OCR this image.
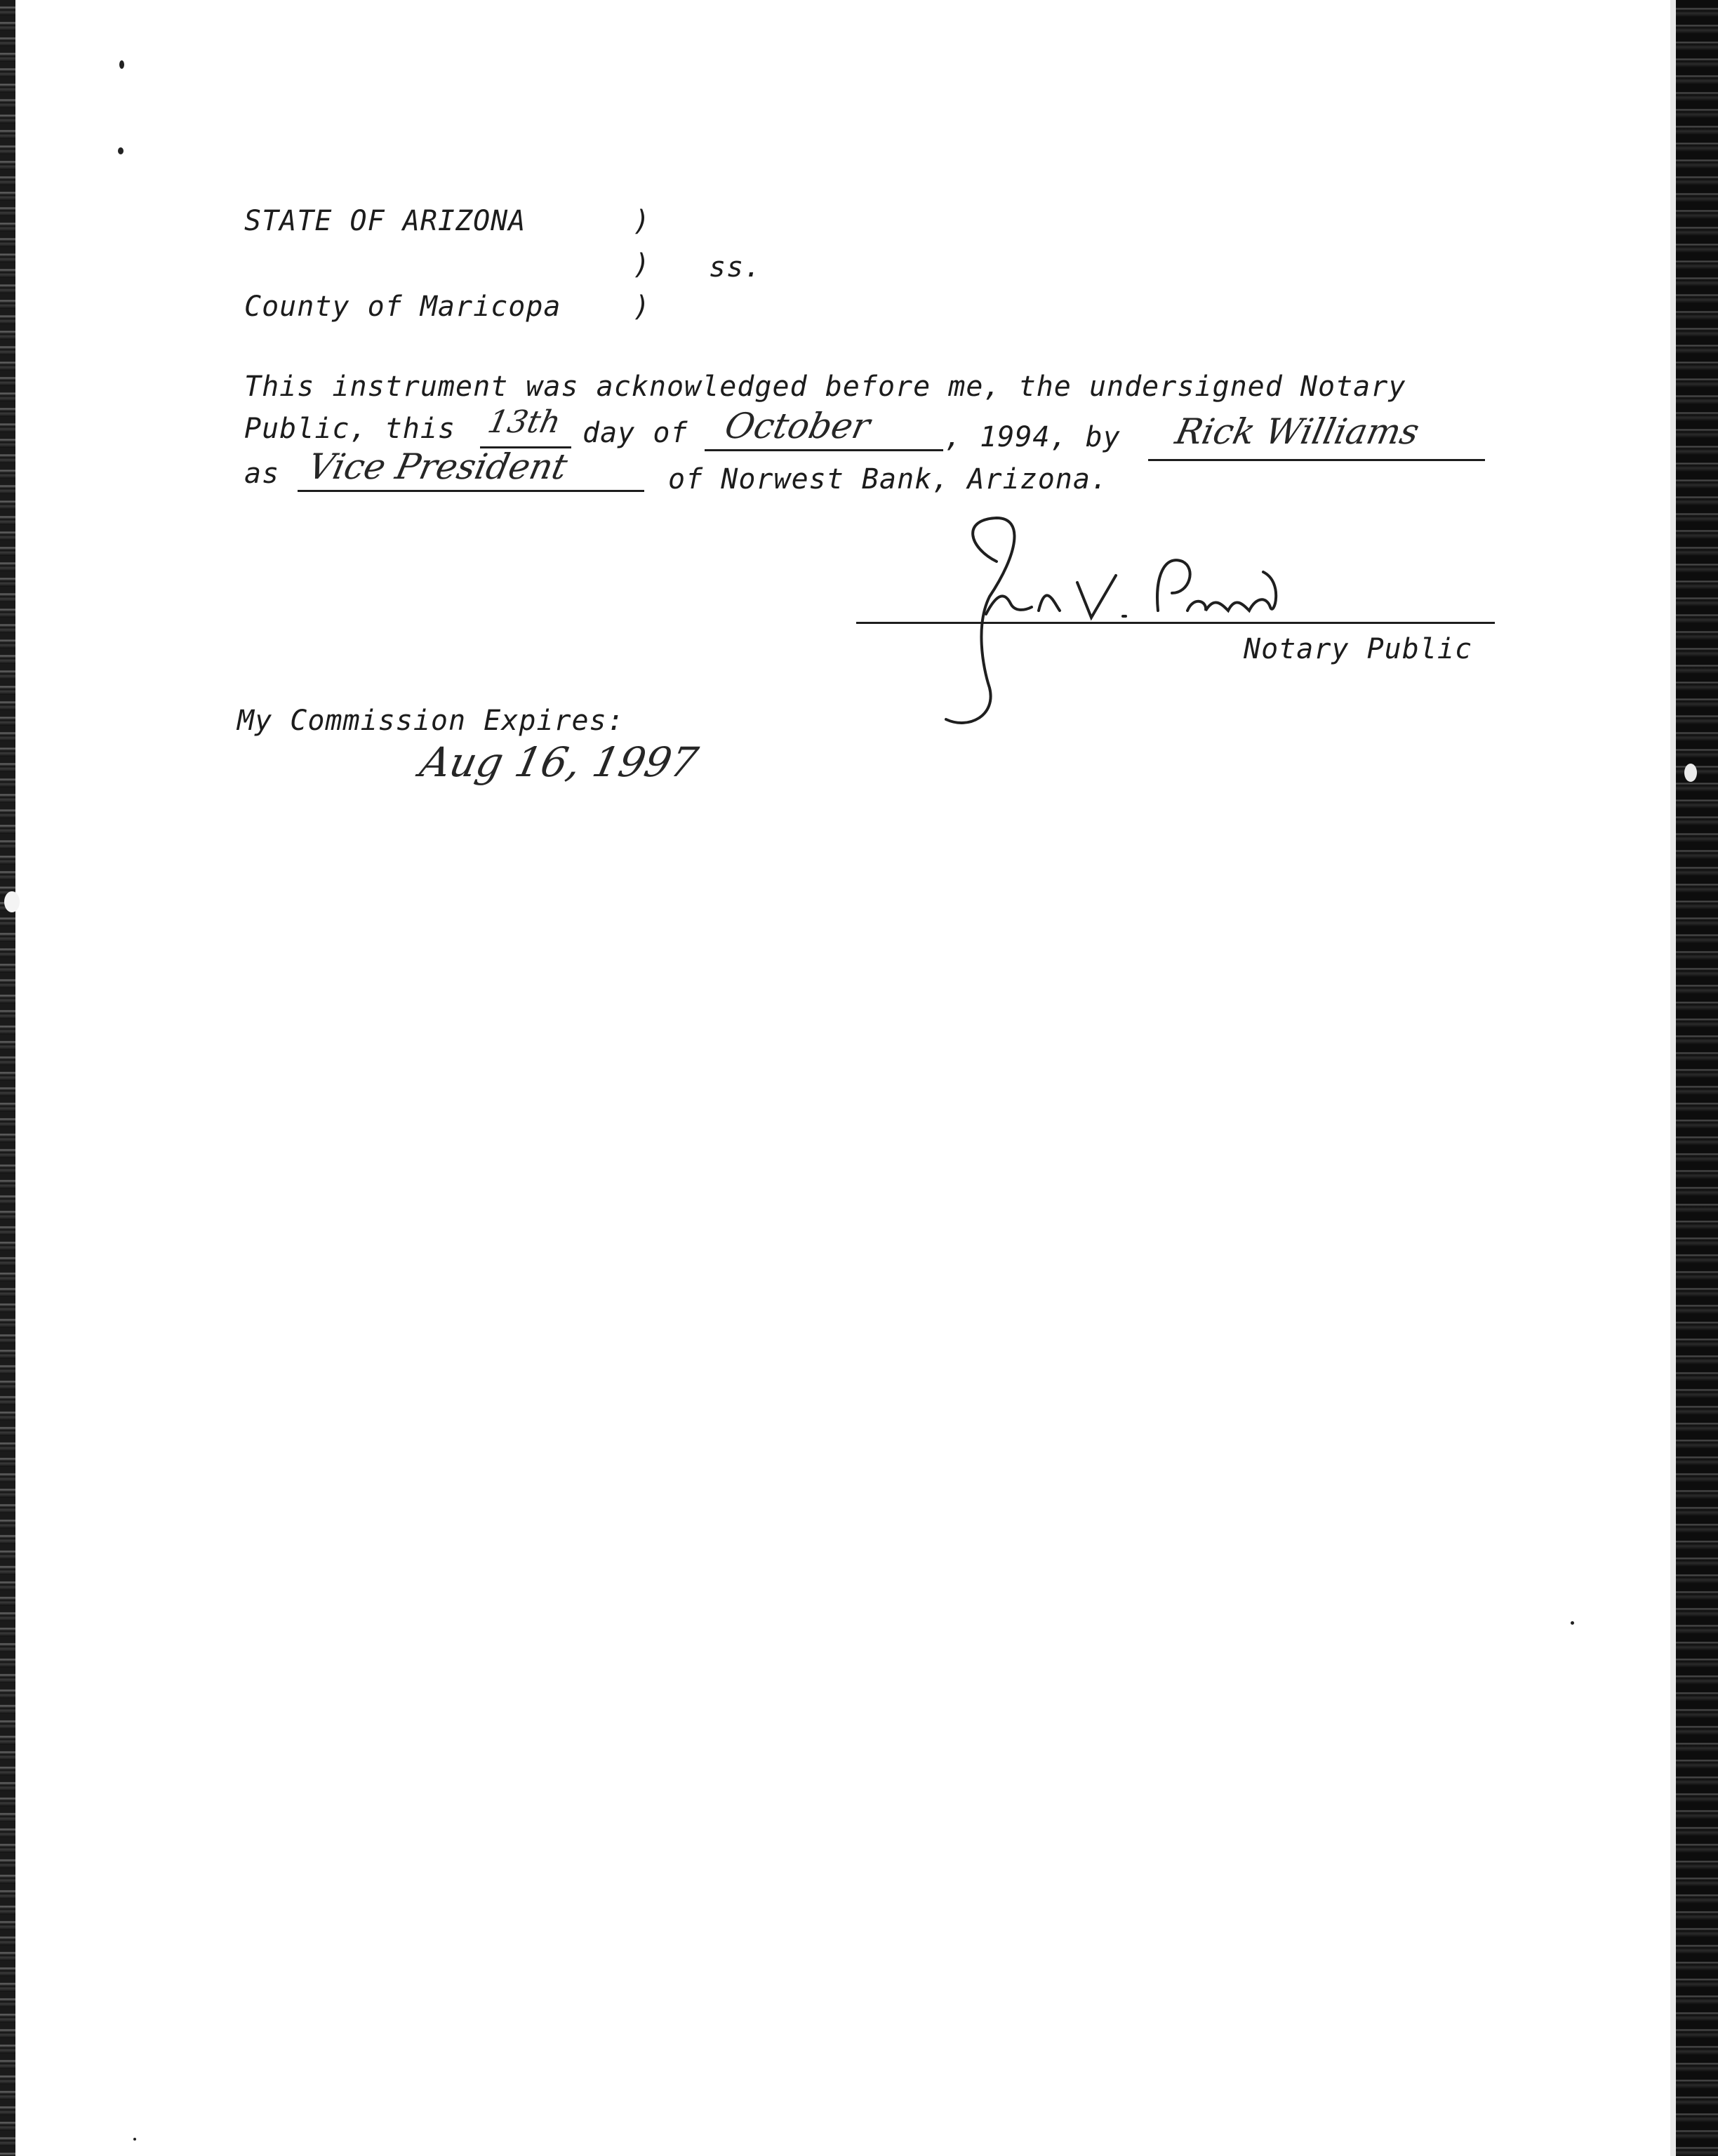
STATE OF ARIZONA	)
) ss.
County of Maricopa	)
This instrument was acknowledged before me, the undersigned Notary
Public, this 13th day of October	, 1994, by Rick Williams
as Vice President	of Norwest Bank, Arizona.
Notary Public
My Commission Expires:
Aug 16, 1997
